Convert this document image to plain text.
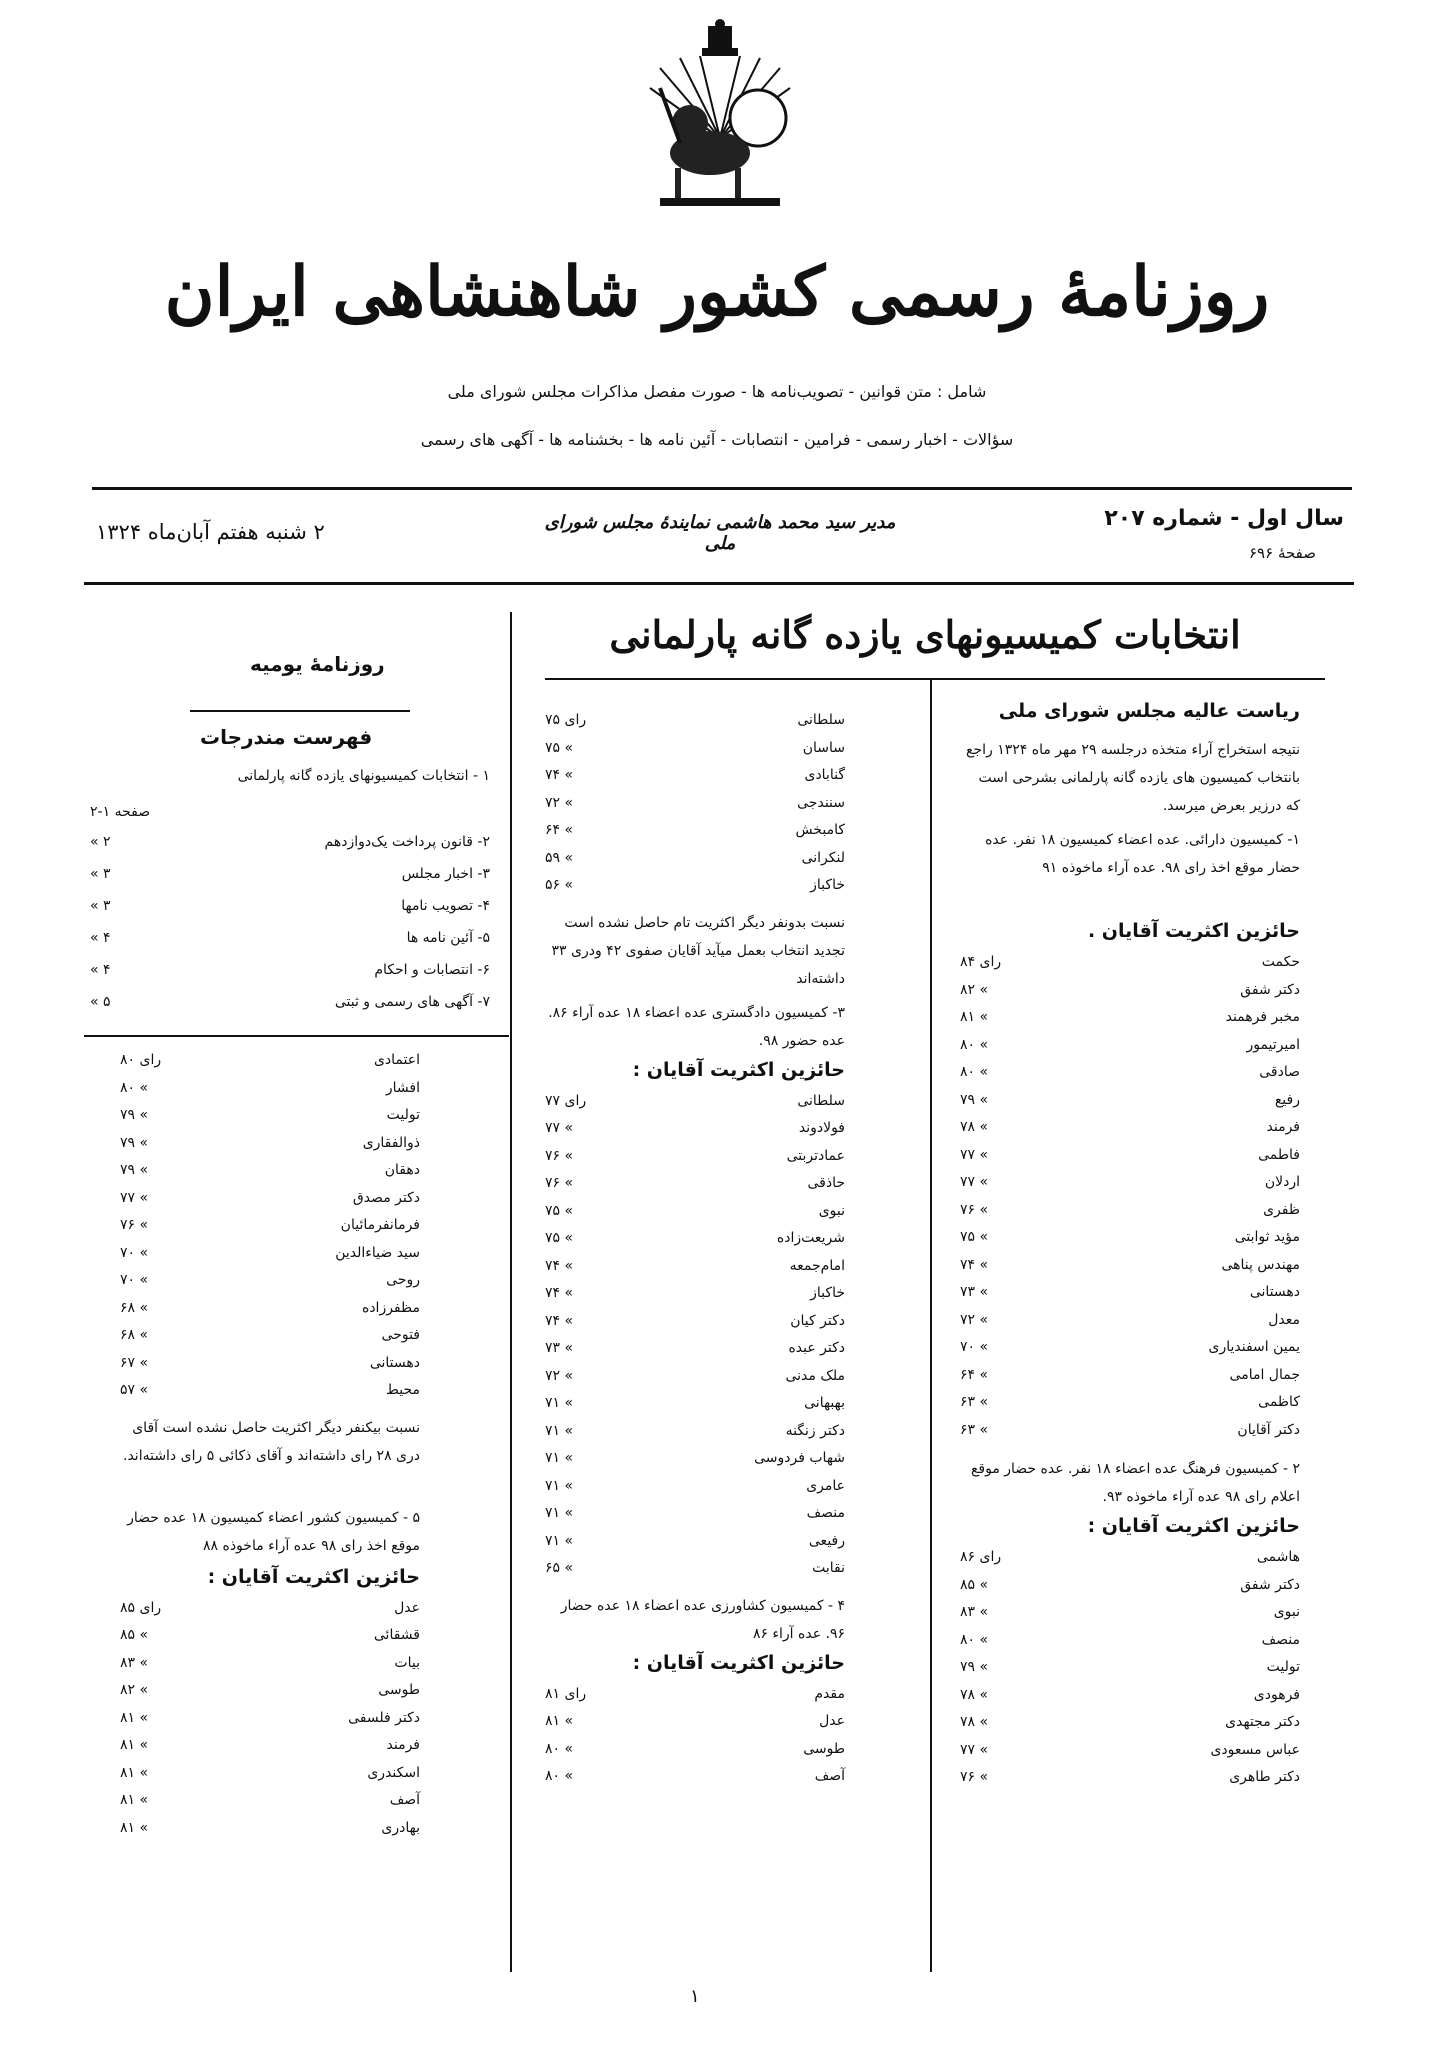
روزنامهٔ رسمی کشور شاهنشاهی ایران
شامل : متن قوانین - تصویب‌نامه ها - صورت مفصل مذاکرات مجلس شورای ملی
سؤالات - اخبار رسمی - فرامین - انتصابات - آئین نامه ها - بخشنامه ها - آگهی های رسمی
سال اول - شماره ۲۰۷
صفحهٔ ۶۹۶
مدیر سید محمد هاشمی نمایندهٔ مجلس شورای ملی
۲ شنبه هفتم آبان‌ماه ۱۳۲۴
انتخابات کمیسیونهای یازده گانه پارلمانی
روزنامهٔ یومیه
فهرست مندرجات
۱ - انتخابات کمیسیونهای یازده گانه پارلمانی
صفحه ۱-۲
۲- قانون پرداخت یک‌دوازدهم
« ۲
۳- اخبار مجلس
« ۳
۴- تصویب نامها
« ۳
۵- آئین نامه ها
« ۴
۶- انتصابات و احکام
« ۴
۷- آگهی های رسمی و ثبتی
« ۵
اعتمادی
۸۰ رای
افشار
۸۰ «
تولیت
۷۹ «
ذوالفقاری
۷۹ «
دهقان
۷۹ «
دکتر مصدق
۷۷ «
فرمانفرمائیان
۷۶ «
سید ضیاءالدین
۷۰ «
روحی
۷۰ «
مظفرزاده
۶۸ «
فتوحی
۶۸ «
دهستانی
۶۷ «
محیط
۵۷ «
نسبت بیکنفر دیگر اکثریت حاصل نشده است آقای دری ۲۸ رای داشته‌اند و آقای ذکائی ۵ رای داشته‌اند.
۵ - کمیسیون کشور اعضاء کمیسیون ۱۸ عده حضار موقع اخذ رای ۹۸ عده آراء ماخوذه ۸۸
حائزین اکثریت آقایان :
عدل
۸۵ رای
قشقائی
۸۵ «
بیات
۸۳ «
طوسی
۸۲ «
دکتر فلسفی
۸۱ «
فرمند
۸۱ «
اسکندری
۸۱ «
آصف
۸۱ «
بهادری
۸۱ «
سلطانی
۷۵ رای
ساسان
۷۵ «
گنابادی
۷۴ «
سنندجی
۷۲ «
کامبخش
۶۴ «
لنکرانی
۵۹ «
خاکباز
۵۶ «
نسبت بدونفر دیگر اکثریت تام حاصل نشده است تجدید انتخاب بعمل میآید آقایان صفوی ۴۲ ودری ۳۳ داشته‌اند
۳- کمیسیون دادگستری عده اعضاء ۱۸ عده آراء ۸۶. عده حضور ۹۸.
حائزین اکثریت آقایان :
سلطانی
۷۷ رای
فولادوند
۷۷ «
عمادتربتی
۷۶ «
حاذقی
۷۶ «
نبوی
۷۵ «
شریعت‌زاده
۷۵ «
امام‌جمعه
۷۴ «
خاکباز
۷۴ «
دکتر کیان
۷۴ «
دکتر عبده
۷۳ «
ملک مدنی
۷۲ «
بهبهانی
۷۱ «
دکتر زنگنه
۷۱ «
شهاب فردوسی
۷۱ «
عامری
۷۱ «
منصف
۷۱ «
رفیعی
۷۱ «
نقابت
۶۵ «
۴ - کمیسیون کشاورزی عده اعضاء ۱۸ عده حضار ۹۶. عده آراء ۸۶
حائزین اکثریت آقایان :
مقدم
۸۱ رای
عدل
۸۱ «
طوسی
۸۰ «
آصف
۸۰ «
ریاست عالیه مجلس شورای ملی
نتیجه استخراج آراء متخذه درجلسه ۲۹ مهر ماه ۱۳۲۴ راجع بانتخاب کمیسیون های یازده گانه پارلمانی بشرحی است که درزیر بعرض میرسد.
۱- کمیسیون دارائی. عده اعضاء کمیسیون ۱۸ نفر. عده حضار موقع اخذ رای ۹۸. عده آراء ماخوذه ۹۱
حائزین اکثریت آقایان .
حکمت
۸۴ رای
دکتر شفق
۸۲ «
مخبر فرهمند
۸۱ «
امیرتیمور
۸۰ «
صادقی
۸۰ «
رفیع
۷۹ «
فرمند
۷۸ «
فاطمی
۷۷ «
اردلان
۷۷ «
ظفری
۷۶ «
مؤید ثوابتی
۷۵ «
مهندس پناهی
۷۴ «
دهستانی
۷۳ «
معدل
۷۲ «
یمین اسفندیاری
۷۰ «
جمال امامی
۶۴ «
کاظمی
۶۳ «
دکتر آقایان
۶۳ «
۲ - کمیسیون فرهنگ عده اعضاء ۱۸ نفر. عده حضار موقع اعلام رای ۹۸ عده آراء ماخوذه ۹۳.
حائزین اکثریت آقایان :
هاشمی
۸۶ رای
دکتر شفق
۸۵ «
نبوی
۸۳ «
منصف
۸۰ «
تولیت
۷۹ «
فرهودی
۷۸ «
دکتر مجتهدی
۷۸ «
عباس مسعودی
۷۷ «
دکتر طاهری
۷۶ «
۱
